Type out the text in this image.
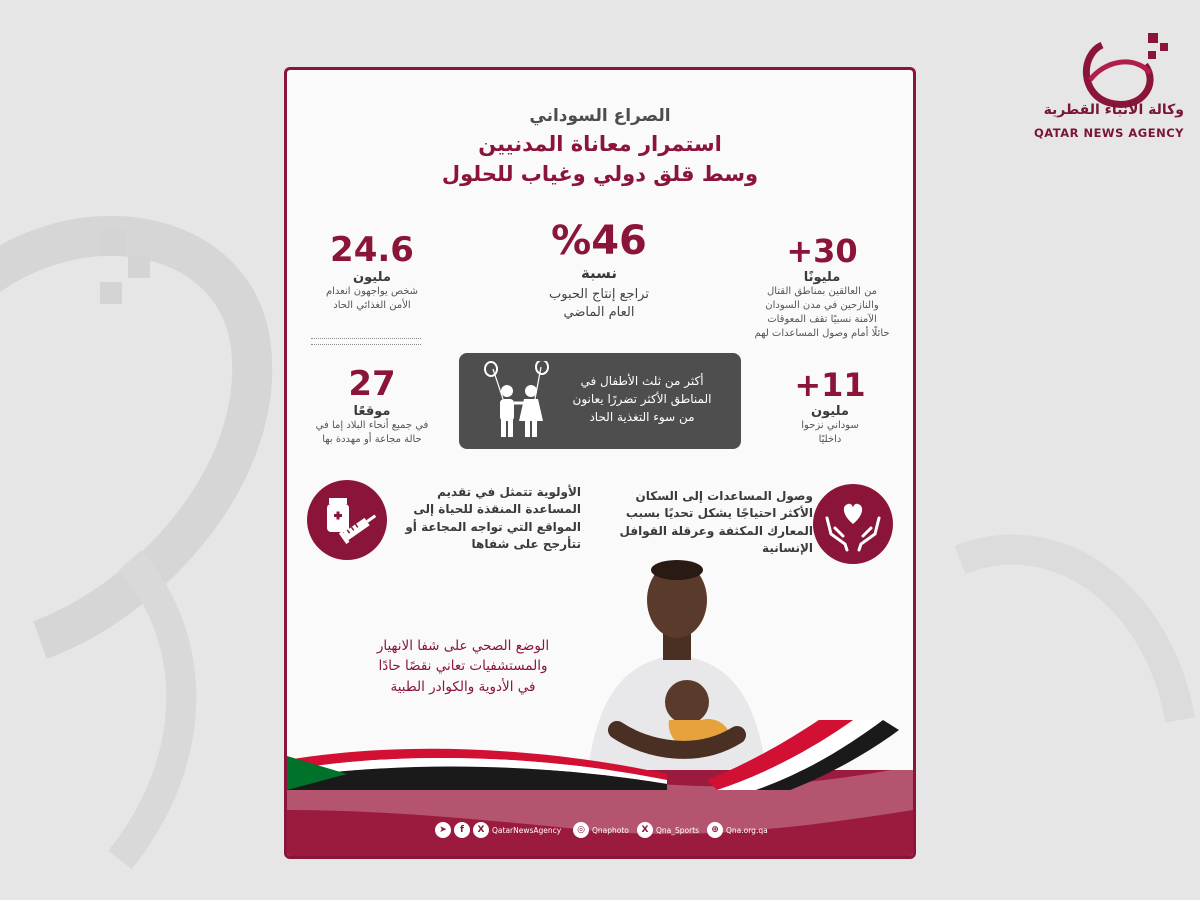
وكالة الأنباء القطرية
QATAR NEWS AGENCY
الصراع السوداني
استمرار معاناة المدنيين
وسط قلق دولي وغياب للحلول
24.6
مليون
شخص يواجهون انعدام
الأمن الغذائي الحاد
%46
نسبة
تراجع إنتاج الحبوب
العام الماضي
+30
مليونًا
من العالقين بمناطق القتال
والنازحين في مدن السودان
الآمنة نسبيًا تقف المعوقات
حائلًا أمام وصول المساعدات لهم
27
موقعًا
في جميع أنحاء البلاد إما في
حالة مجاعة أو مهددة بها
أكثر من ثلث الأطفال في
المناطق الأكثر تضررًا يعانون
من سوء التغذية الحاد
+11
مليون
سوداني نزحوا
داخليًا
الأولوية تتمثل في تقديم
المساعدة المنقذة للحياة إلى
المواقع التي تواجه المجاعة أو
تتأرجح على شفاها
وصول المساعدات إلى السكان
الأكثر احتياجًا يشكل تحديًا بسبب
المعارك المكثفة وعرقلة القوافل
الإنسانية
الوضع الصحي على شفا الانهيار
والمستشفيات تعاني نقصًا حادًا
في الأدوية والكوادر الطبية
➤	f	X	QatarNewsAgency	◎ Qnaphoto	X	Qna_Sports	⊕ Qna.org.qa
